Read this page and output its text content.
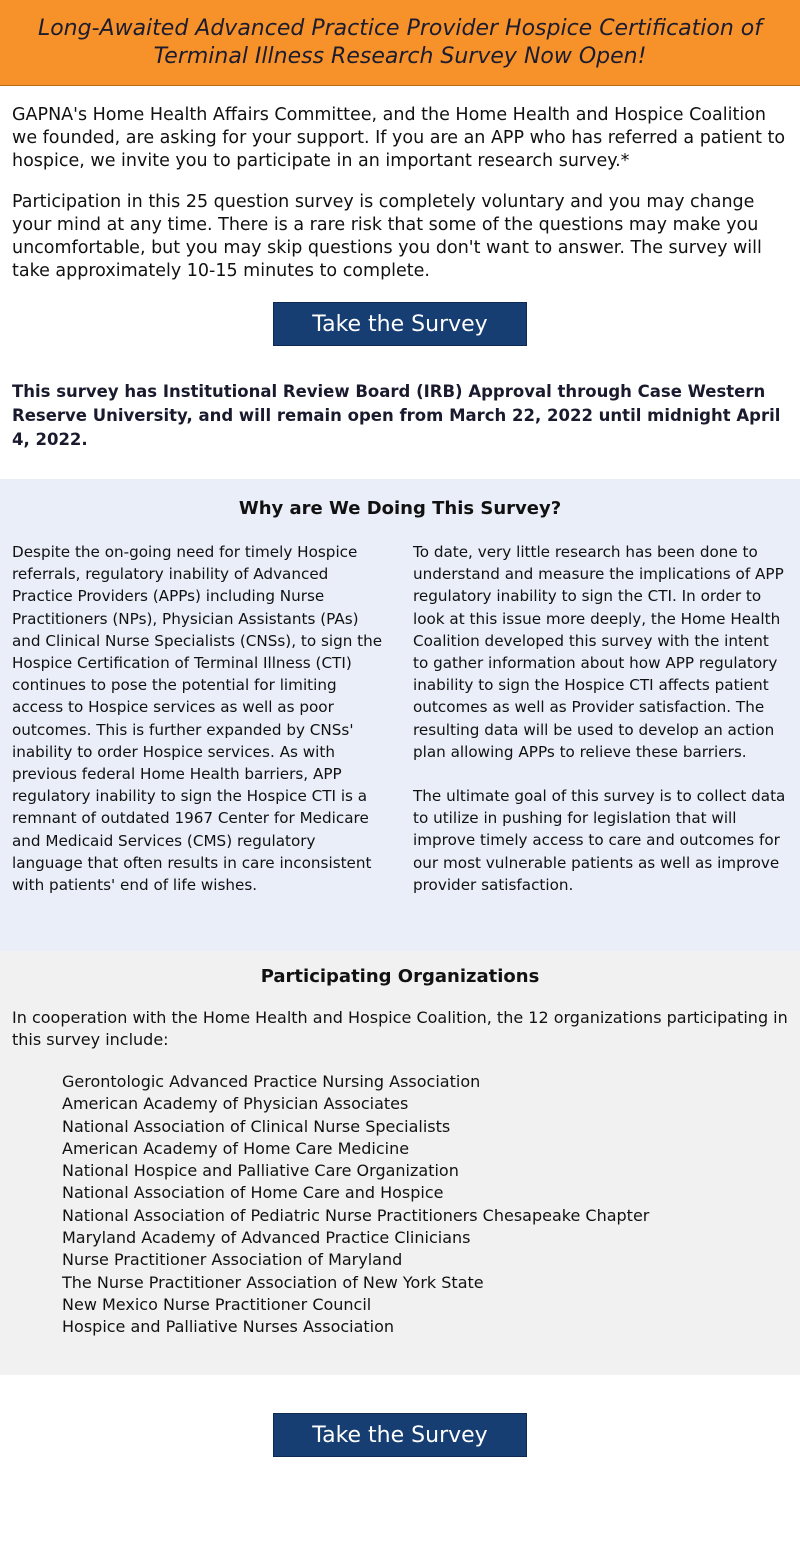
Long-Awaited Advanced Practice Provider Hospice Certification of Terminal Illness Research Survey Now Open!

GAPNA's Home Health Affairs Committee, and the Home Health and Hospice Coalition we founded, are asking for your support. If you are an APP who has referred a patient to hospice, we invite you to participate in an important research survey.*

Participation in this 25 question survey is completely voluntary and you may change your mind at any time. There is a rare risk that some of the questions may make you uncomfortable, but you may skip questions you don't want to answer. The survey will take approximately 10-15 minutes to complete.

Take the Survey
This survey has Institutional Review Board (IRB) Approval through Case Western Reserve University, and will remain open from March 22, 2022 until midnight April 4, 2022.
Why are We Doing This Survey?

Despite the on-going need for timely Hospice referrals, regulatory inability of Advanced Practice Providers (APPs) including Nurse Practitioners (NPs), Physician Assistants (PAs) and Clinical Nurse Specialists (CNSs), to sign the Hospice Certification of Terminal Illness (CTI) continues to pose the potential for limiting access to Hospice services as well as poor outcomes. This is further expanded by CNSs' inability to order Hospice services. As with previous federal Home Health barriers, APP regulatory inability to sign the Hospice CTI is a remnant of outdated 1967 Center for Medicare and Medicaid Services (CMS) regulatory language that often results in care inconsistent with patients' end of life wishes.

To date, very little research has been done to understand and measure the implications of APP regulatory inability to sign the CTI. In order to look at this issue more deeply, the Home Health Coalition developed this survey with the intent to gather information about how APP regulatory inability to sign the Hospice CTI affects patient outcomes as well as Provider satisfaction. The resulting data will be used to develop an action plan allowing APPs to relieve these barriers.

The ultimate goal of this survey is to collect data to utilize in pushing for legislation that will improve timely access to care and outcomes for our most vulnerable patients as well as improve provider satisfaction.

Participating Organizations

In cooperation with the Home Health and Hospice Coalition, the 12 organizations participating in this survey include:

Gerontologic Advanced Practice Nursing Association
American Academy of Physician Associates
National Association of Clinical Nurse Specialists
American Academy of Home Care Medicine
National Hospice and Palliative Care Organization
National Association of Home Care and Hospice
National Association of Pediatric Nurse Practitioners Chesapeake Chapter
Maryland Academy of Advanced Practice Clinicians
Nurse Practitioner Association of Maryland
The Nurse Practitioner Association of New York State
New Mexico Nurse Practitioner Council
Hospice and Palliative Nurses Association
Take the Survey
